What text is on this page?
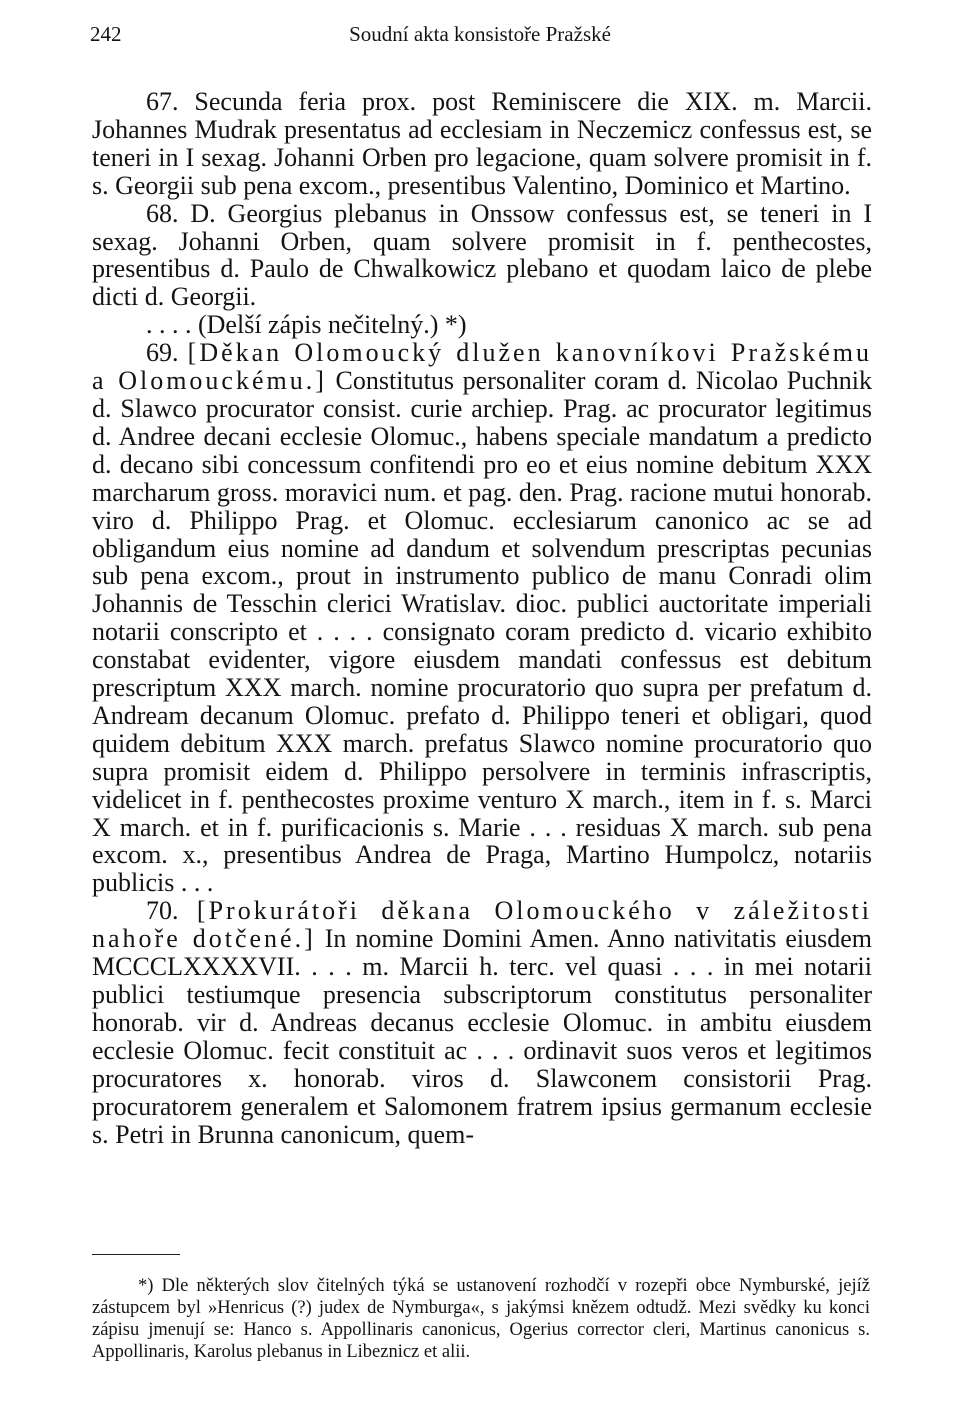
242	Soudní akta konsistoře Pražské

67. Secunda feria prox. post Reminiscere die XIX. m. Marcii. Johannes Mudrak presentatus ad ecclesiam in Neczemicz confessus est, se teneri in I sexag. Johanni Orben pro legacione, quam solvere promisit in f. s. Georgii sub pena excom., presentibus Valentino, Dominico et Martino.

68. D. Georgius plebanus in Onssow confessus est, se teneri in I sexag. Johanni Orben, quam solvere promisit in f. penthecostes, presentibus d. Paulo de Chwalkowicz plebano et quodam laico de plebe dicti d. Georgii.

. . . . (Delší zápis nečitelný.) *)

69. [Děkan Olomoucký dlužen kanovníkovi Pražskému a Olomouckému.] Constitutus personaliter coram d. Nicolao Puchnik d. Slawco procurator consist. curie archiep. Prag. ac procurator legitimus d. Andree decani ecclesie Olomuc., habens speciale mandatum a predicto d. decano sibi concessum confitendi pro eo et eius nomine debitum XXX marcharum gross. moravici num. et pag. den. Prag. racione mutui honorab. viro d. Philippo Prag. et Olomuc. ecclesiarum canonico ac se ad obligandum eius nomine ad dandum et solvendum prescriptas pecunias sub pena excom., prout in instrumento publico de manu Conradi olim Johannis de Tesschin clerici Wratislav. dioc. publici auctoritate imperiali notarii conscripto et . . . . consignato coram predicto d. vicario exhibito constabat evidenter, vigore eiusdem mandati confessus est debitum prescriptum XXX march. nomine procuratorio quo supra per prefatum d. Andream decanum Olomuc. prefato d. Philippo teneri et obligari, quod quidem debitum XXX march. prefatus Slawco nomine procuratorio quo supra promisit eidem d. Philippo persolvere in terminis infrascriptis, videlicet in f. penthecostes proxime venturo X march., item in f. s. Marci X march. et in f. purificacionis s. Marie . . . residuas X march. sub pena excom. x., presentibus Andrea de Praga, Martino Humpolcz, notariis publicis . . .

70. [Prokurátoři děkana Olomouckého v záležitosti nahoře dotčené.] In nomine Domini Amen. Anno nativitatis eiusdem MCCCLXXXXVII. . . . m. Marcii h. terc. vel quasi . . . in mei notarii publici testiumque presencia subscriptorum constitutus personaliter honorab. vir d. Andreas decanus ecclesie Olomuc. in ambitu eiusdem ecclesie Olomuc. fecit constituit ac . . . ordinavit suos veros et legitimos procuratores x. honorab. viros d. Slawconem consistorii Prag. procuratorem generalem et Salomonem fratrem ipsius germanum ecclesie s. Petri in Brunna canonicum, quem-

*) Dle některých slov čitelných týká se ustanovení rozhodčí v rozepři obce Nymburské, jejíž zástupcem byl »Henricus (?) judex de Nymburga«, s jakýmsi knězem odtudž. Mezi svědky ku konci zápisu jmenují se: Hanco s. Appollinaris canonicus, Ogerius corrector cleri, Martinus canonicus s. Appollinaris, Karolus plebanus in Libeznicz et alii.
